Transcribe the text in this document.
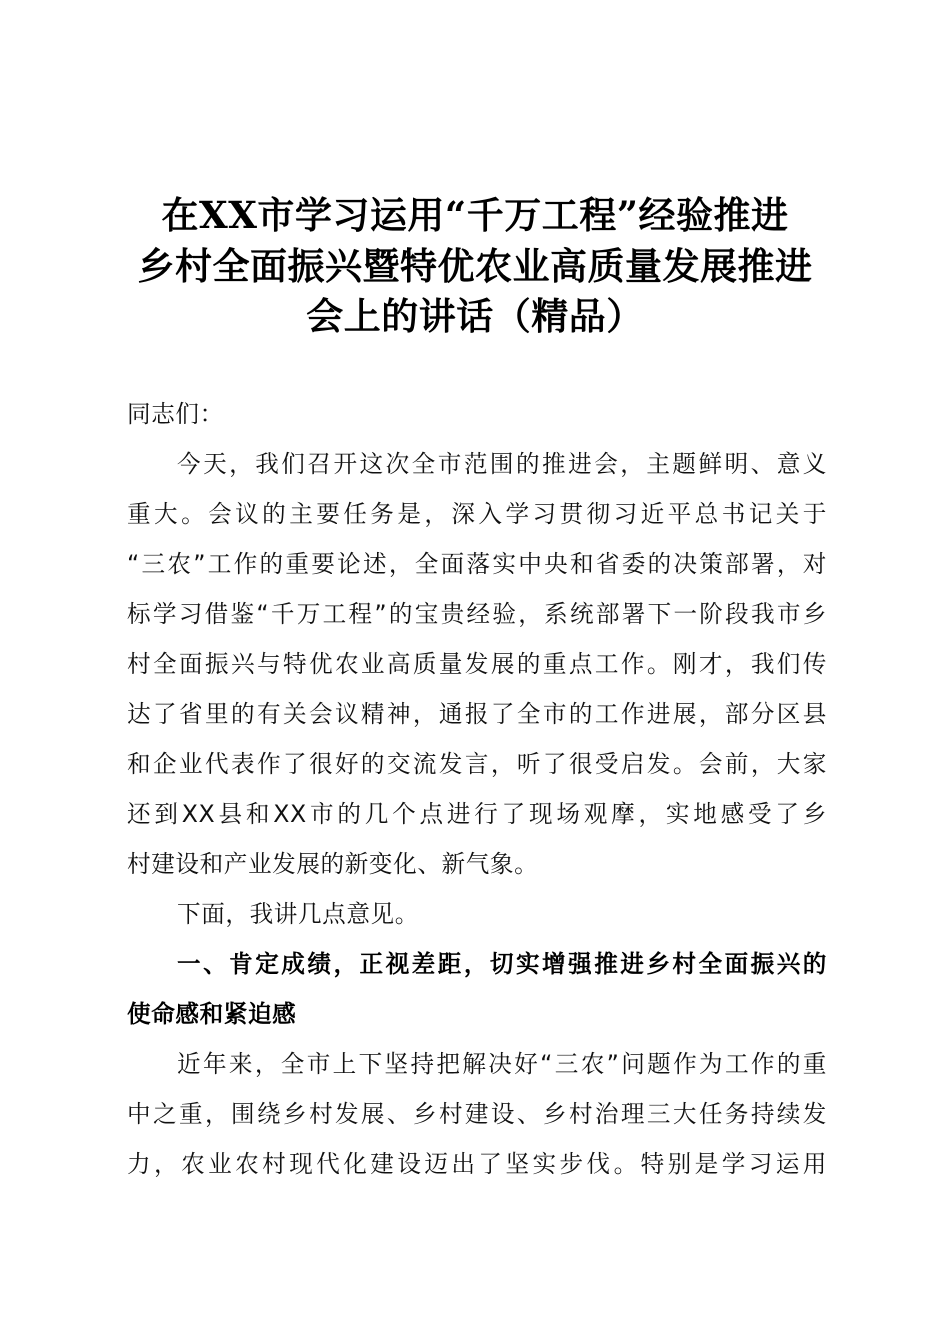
在XX市学习运用“千万工程”经验推进
乡村全面振兴暨特优农业高质量发展推进
会上的讲话（精品）
同志们：
今天，我们召开这次全市范围的推进会，主题鲜明、意义
重大。会议的主要任务是，深入学习贯彻习近平总书记关于
“三农”工作的重要论述，全面落实中央和省委的决策部署，对
标学习借鉴“千万工程”的宝贵经验，系统部署下一阶段我市乡
村全面振兴与特优农业高质量发展的重点工作。刚才，我们传
达了省里的有关会议精神，通报了全市的工作进展，部分区县
和企业代表作了很好的交流发言，听了很受启发。会前，大家
还到XX县和XX市的几个点进行了现场观摩，实地感受了乡
村建设和产业发展的新变化、新气象。
下面，我讲几点意见。
一、肯定成绩，正视差距，切实增强推进乡村全面振兴的
使命感和紧迫感
近年来，全市上下坚持把解决好“三农”问题作为工作的重
中之重，围绕乡村发展、乡村建设、乡村治理三大任务持续发
力，农业农村现代化建设迈出了坚实步伐。特别是学习运用
